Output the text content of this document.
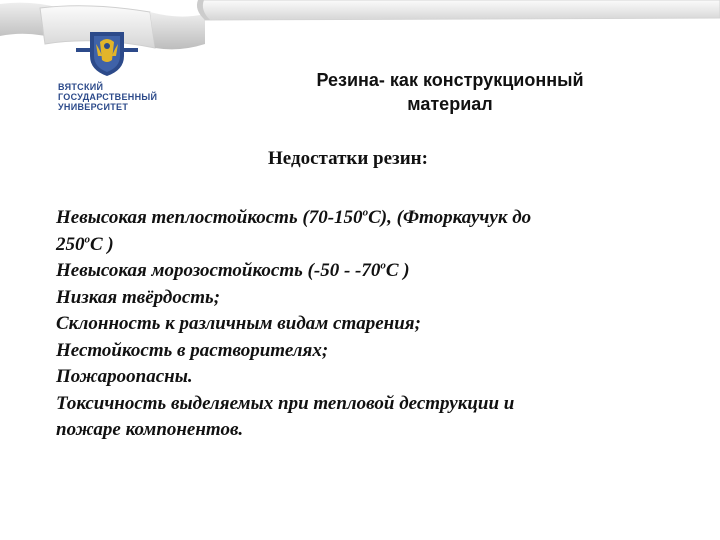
ВЯТСКИЙ
ГОСУДАРСТВЕННЫЙ
УНИВЕРСИТЕТ
Резина- как конструкционный
материал
Недостатки резин:
Невысокая теплостойкость (70-150$^o$С), (Фторкаучук до
250$^o$С )
Невысокая морозостойкость (-50 - -70$^o$С )
Низкая твёрдость;
Склонность к различным видам старения;
Нестойкость в растворителях;
Пожароопасны.
Токсичность выделяемых при тепловой деструкции и
пожаре компонентов.
